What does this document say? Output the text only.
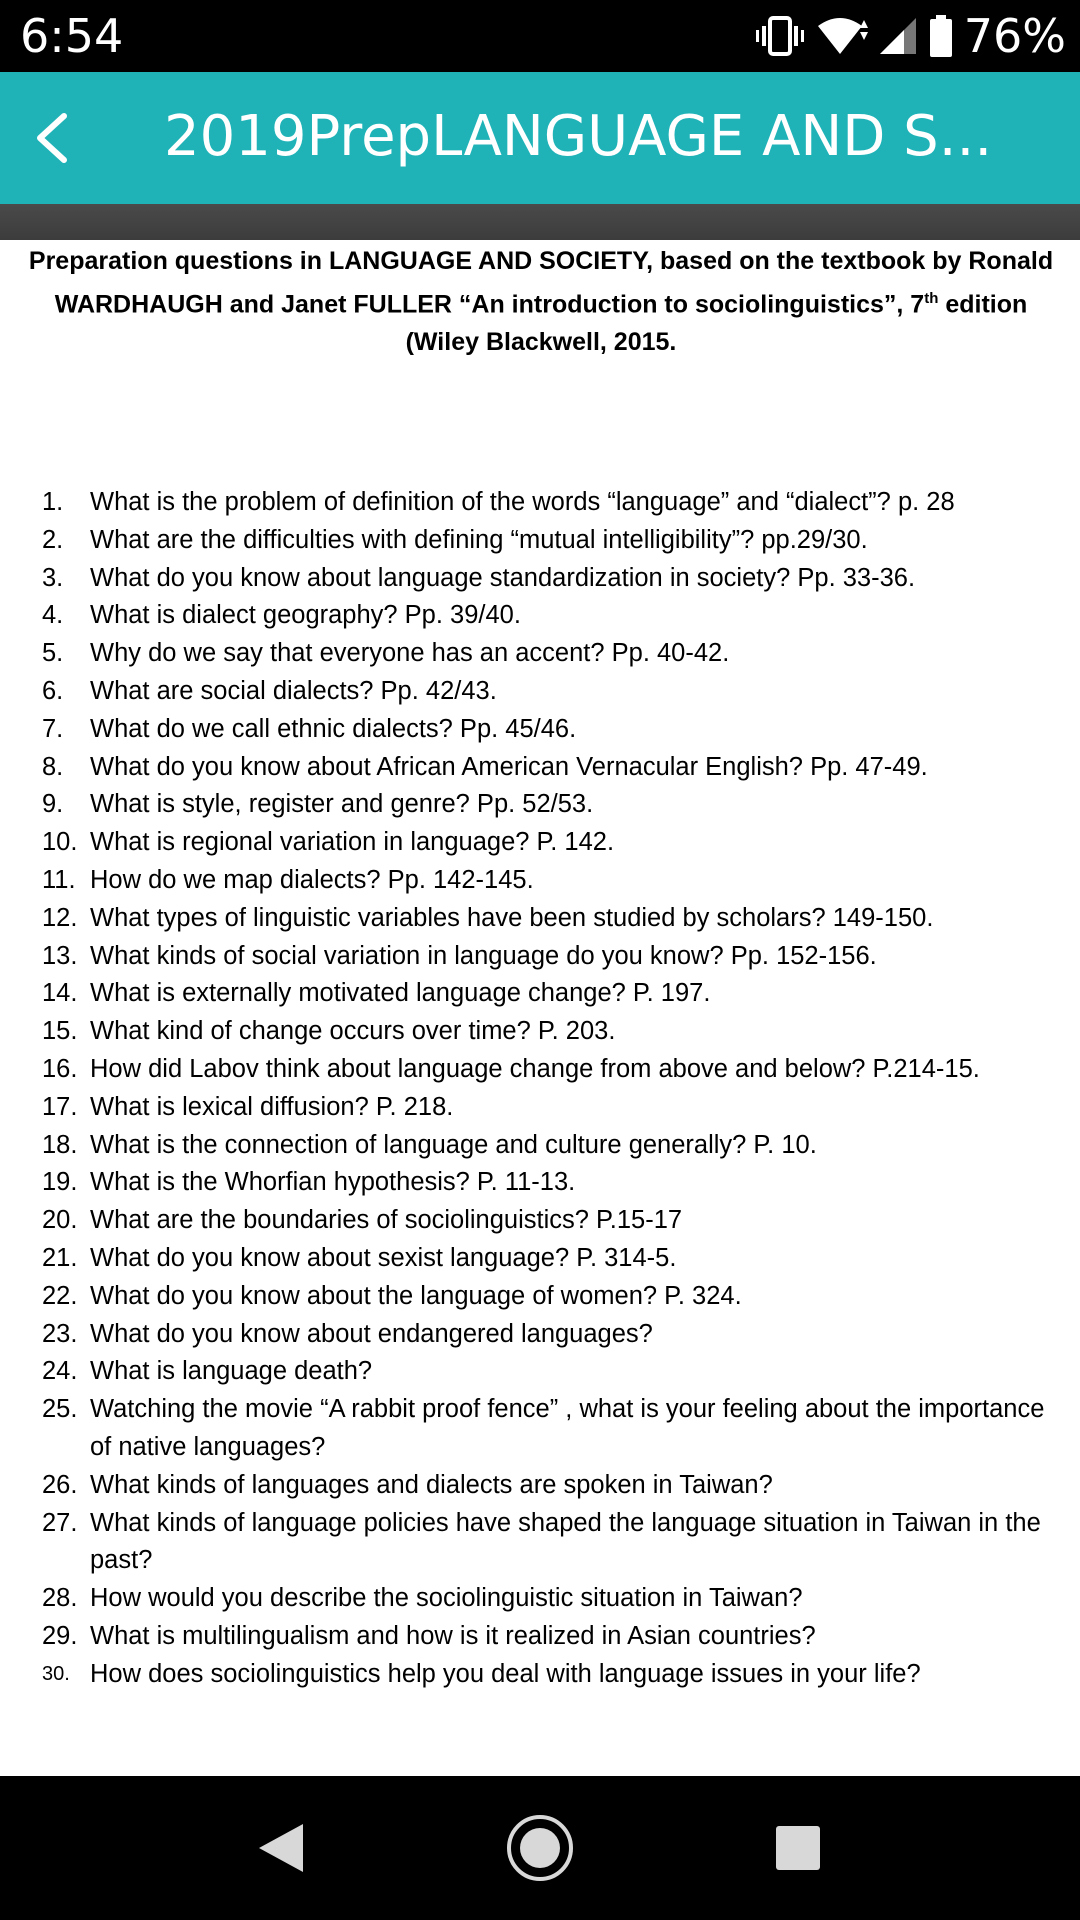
6:54	76%
2019PrepLANGUAGE AND S...
Preparation questions in LANGUAGE AND SOCIETY, based on the textbook by Ronald WARDHAUGH and Janet FULLER “An introduction to sociolinguistics”, 7th edition (Wiley Blackwell, 2015.
1.	What is the problem of definition of the words “language” and “dialect”? p. 28
2.	What are the difficulties with defining “mutual intelligibility”? pp.29/30.
3.	What do you know about language standardization in society? Pp. 33-36.
4.	What is dialect geography? Pp. 39/40.
5.	Why do we say that everyone has an accent? Pp. 40-42.
6.	What are social dialects? Pp. 42/43.
7.	What do we call ethnic dialects? Pp. 45/46.
8.	What do you know about African American Vernacular English? Pp. 47-49.
9.	What is style, register and genre? Pp. 52/53.
10. What is regional variation in language? P. 142.
11. How do we map dialects? Pp. 142-145.
12. What types of linguistic variables have been studied by scholars? 149-150.
13. What kinds of social variation in language do you know? Pp. 152-156.
14. What is externally motivated language change? P. 197.
15. What kind of change occurs over time? P. 203.
16. How did Labov think about language change from above and below? P.214-15.
17. What is lexical diffusion? P. 218.
18. What is the connection of language and culture generally? P. 10.
19. What is the Whorfian hypothesis? P. 11-13.
20. What are the boundaries of sociolinguistics? P.15-17
21. What do you know about sexist language? P. 314-5.
22. What do you know about the language of women? P. 324.
23. What do you know about endangered languages?
24. What is language death?
25. Watching the movie “A rabbit proof fence” , what is your feeling about the importance of native languages?
26. What kinds of languages and dialects are spoken in Taiwan?
27. What kinds of language policies have shaped the language situation in Taiwan in the past?
28. How would you describe the sociolinguistic situation in Taiwan?
29. What is multilingualism and how is it realized in Asian countries?
30. How does sociolinguistics help you deal with language issues in your life?
